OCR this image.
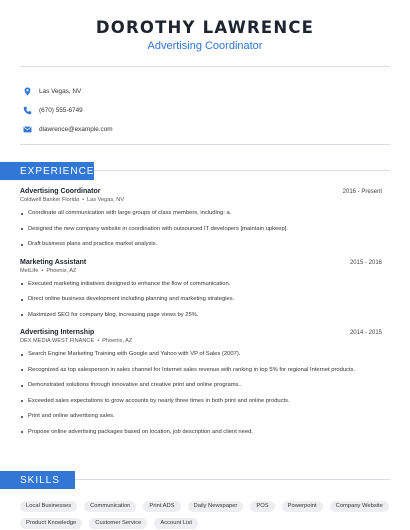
DOROTHY LAWRENCE
Advertising Coordinator
Las Vegas, NV
(670) 555-6749
dlawrence@example.com
EXPERIENCE
Advertising Coordinator	2016 - Present
Coldwell Banker Florida • Las Vegas, NV
Coordinate all communication with large groups of class members, including: a.
Designed the new company website in coordination with outsourced IT developers [maintain upkeep].
Draft business plans and practice market analysis.
Marketing Assistant	2015 - 2016
MetLife • Phoenix, AZ
Executed marketing initiatives designed to enhance the flow of communication.
Direct online business development including planning and marketing strategies.
Maximized SEO for company blog, increasing page views by 25%.
Advertising Internship	2014 - 2015
DEX MEDIA WEST FINANCE • Phoenix, AZ
Search Engine Marketing Training with Google and Yahoo with VP of Sales (2007).
Recognized as top salesperson in sales channel for Internet sales revenue with ranking in top 5% for regional Internet products.
Demonstrated solutions through innovative and creative print and online programs..
Exceeded sales expectations to grow accounts by nearly three times in both print and online products.
Print and online advertising sales.
Propose online advertising packages based on location, job description and client need.
SKILLS
Local Businesses	Communication	Print ADS	Daily Newspaper	POS	Powerpoint	Company Website
Product Knowledge	Customer Service	Account List
